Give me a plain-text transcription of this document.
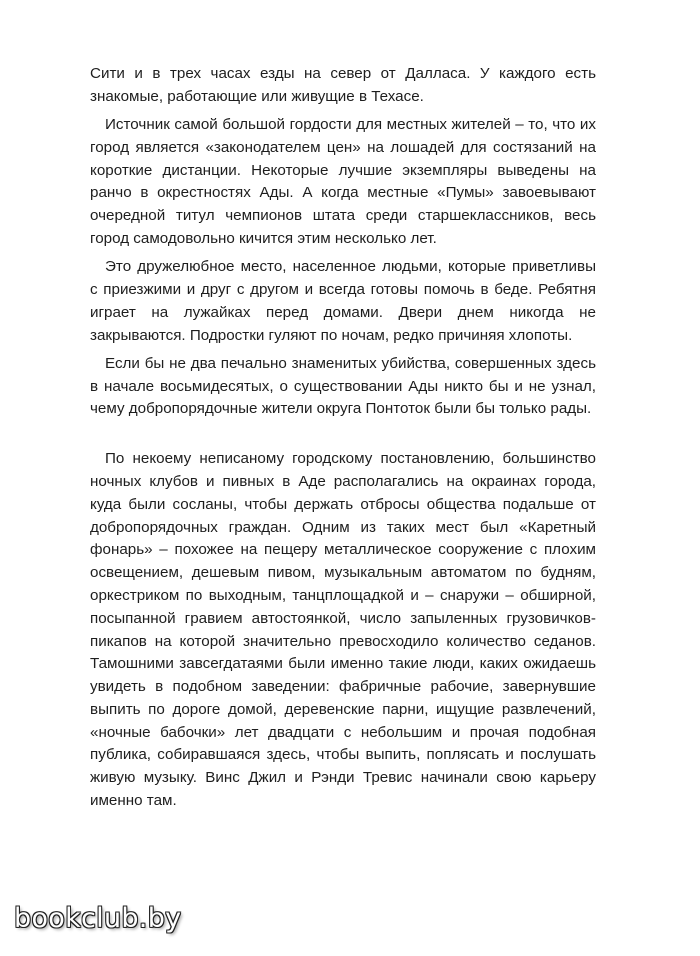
Сити и в трех часах езды на север от Далласа. У каждого есть знакомые, работающие или живущие в Техасе.

Источник самой большой гордости для местных жителей – то, что их город является «законодателем цен» на лошадей для состязаний на короткие дистанции. Некоторые лучшие экземпляры выведены на ранчо в окрестностях Ады. А когда местные «Пумы» завоевывают очередной титул чемпионов штата среди старшеклассников, весь город самодовольно кичится этим несколько лет.

Это дружелюбное место, населенное людьми, которые приветливы с приезжими и друг с другом и всегда готовы помочь в беде. Ребятня играет на лужайках перед домами. Двери днем никогда не закрываются. Подростки гуляют по ночам, редко причиняя хлопоты.

Если бы не два печально знаменитых убийства, совершенных здесь в начале восьмидесятых, о существовании Ады никто бы и не узнал, чему добропорядочные жители округа Понтоток были бы только рады.

По некоему неписаному городскому постановлению, большинство ночных клубов и пивных в Аде располагались на окраинах города, куда были сосланы, чтобы держать отбросы общества подальше от добропорядочных граждан. Одним из таких мест был «Каретный фонарь» – похожее на пещеру металлическое сооружение с плохим освещением, дешевым пивом, музыкальным автоматом по будням, оркестриком по выходным, танцплощадкой и – снаружи – обширной, посыпанной гравием автостоянкой, число запыленных грузовичков-пикапов на которой значительно превосходило количество седанов. Тамошними завсегдатаями были именно такие люди, каких ожидаешь увидеть в подобном заведении: фабричные рабочие, завернувшие выпить по дороге домой, деревенские парни, ищущие развлечений, «ночные бабочки» лет двадцати с небольшим и прочая подобная публика, собиравшаяся здесь, чтобы выпить, поплясать и послушать живую музыку. Винс Джил и Рэнди Тревис начинали свою карьеру именно там.

bookclub.by
